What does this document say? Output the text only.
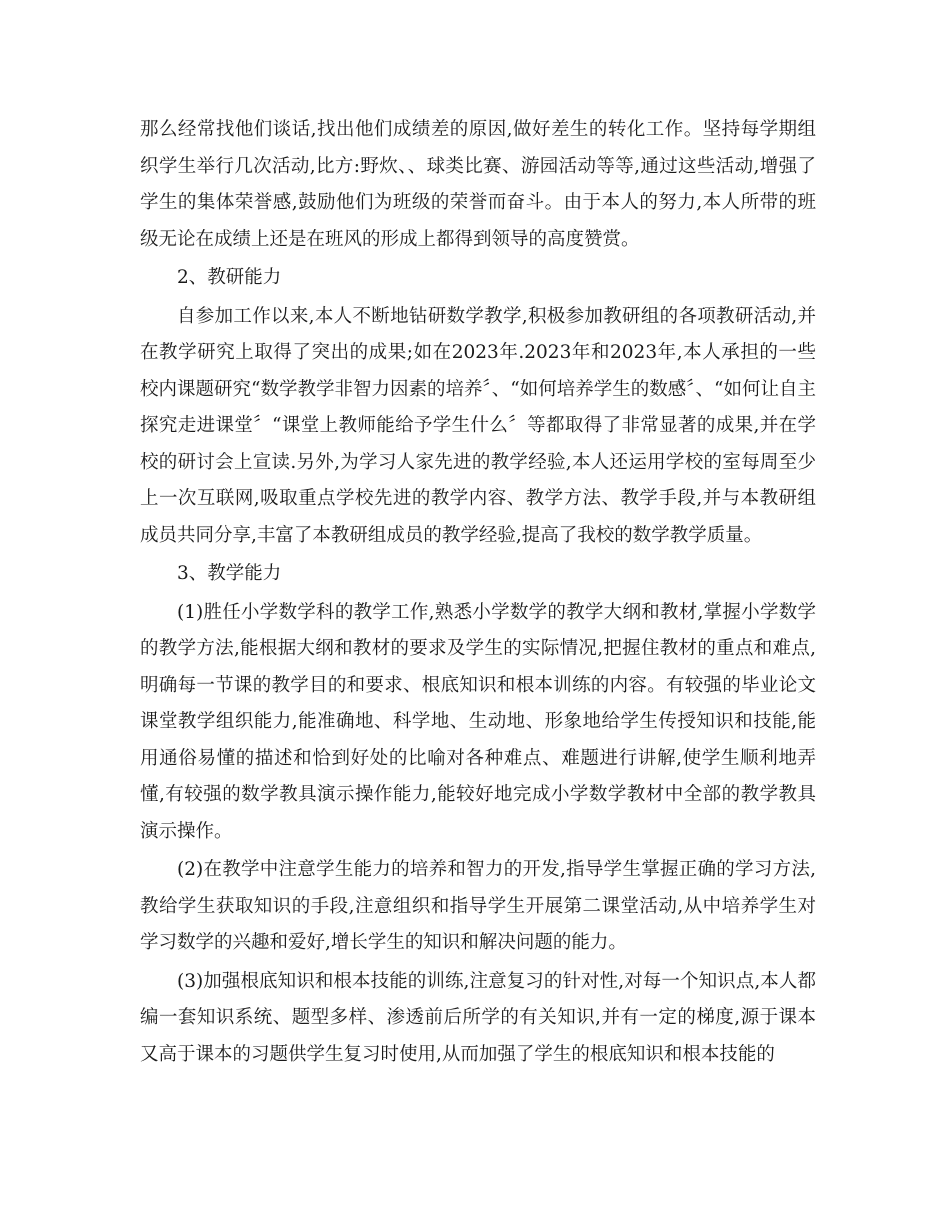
那么经常找他们谈话,找出他们成绩差的原因,做好差生的转化工作。坚持每学期组织学生举行几次活动,比方:野炊、、球类比赛、游园活动等等,通过这些活动,增强了学生的集体荣誉感,鼓励他们为班级的荣誉而奋斗。由于本人的努力,本人所带的班级无论在成绩上还是在班风的形成上都得到领导的高度赞赏。

2、教研能力

自参加工作以来,本人不断地钻研数学教学,积极参加教研组的各项教研活动,并在教学研究上取得了突出的成果;如在2023年.2023年和2023年,本人承担的一些校内课题研究“数学教学非智力因素的培养〞、“如何培养学生的数感〞、“如何让自主探究走进课堂〞“课堂上教师能给予学生什么〞等都取得了非常显著的成果,并在学校的研讨会上宣读.另外,为学习人家先进的教学经验,本人还运用学校的室每周至少上一次互联网,吸取重点学校先进的教学内容、教学方法、教学手段,并与本教研组成员共同分享,丰富了本教研组成员的教学经验,提高了我校的数学教学质量。

3、教学能力

(1)胜任小学数学科的教学工作,熟悉小学数学的教学大纲和教材,掌握小学数学的教学方法,能根据大纲和教材的要求及学生的实际情况,把握住教材的重点和难点,明确每一节课的教学目的和要求、根底知识和根本训练的内容。有较强的毕业论文课堂教学组织能力,能准确地、科学地、生动地、形象地给学生传授知识和技能,能用通俗易懂的描述和恰到好处的比喻对各种难点、难题进行讲解,使学生顺利地弄懂,有较强的数学教具演示操作能力,能较好地完成小学数学教材中全部的教学教具演示操作。

(2)在教学中注意学生能力的培养和智力的开发,指导学生掌握正确的学习方法,教给学生获取知识的手段,注意组织和指导学生开展第二课堂活动,从中培养学生对学习数学的兴趣和爱好,增长学生的知识和解决问题的能力。

(3)加强根底知识和根本技能的训练,注意复习的针对性,对每一个知识点,本人都编一套知识系统、题型多样、渗透前后所学的有关知识,并有一定的梯度,源于课本又高于课本的习题供学生复习时使用,从而加强了学生的根底知识和根本技能的
